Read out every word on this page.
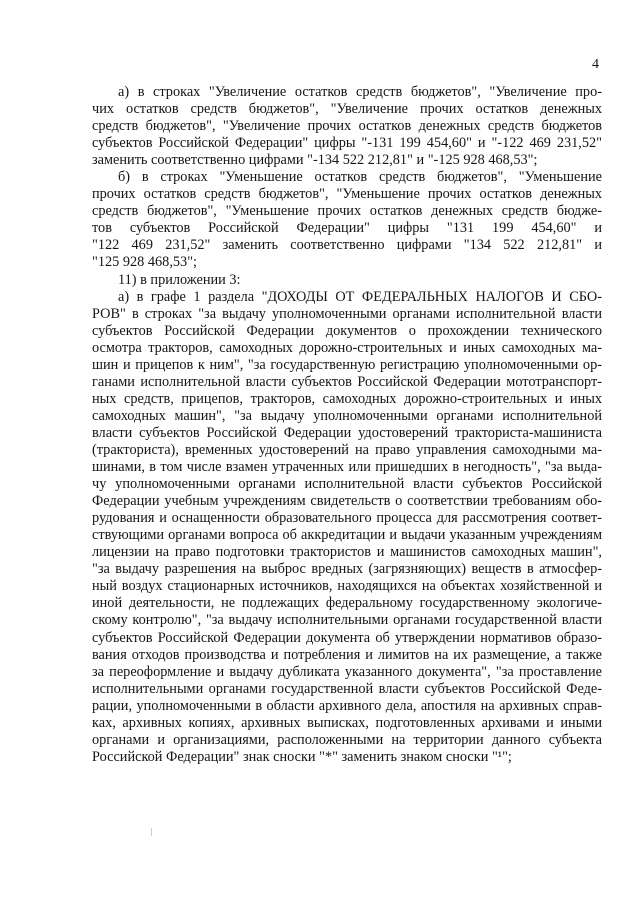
4
а) в строках "Увеличение остатков средств бюджетов", "Увеличение про-
чих остатков средств бюджетов", "Увеличение прочих остатков денежных
средств бюджетов", "Увеличение прочих остатков денежных средств бюджетов
субъектов Российской Федерации" цифры "-131 199 454,60" и "-122 469 231,52"
заменить соответственно цифрами "-134 522 212,81" и "-125 928 468,53";
б) в строках "Уменьшение остатков средств бюджетов", "Уменьшение
прочих остатков средств бюджетов", "Уменьшение прочих остатков денежных
средств бюджетов", "Уменьшение прочих остатков денежных средств бюдже-
тов субъектов Российской Федерации" цифры "131 199 454,60" и
"122 469 231,52" заменить соответственно цифрами "134 522 212,81" и
"125 928 468,53";
11) в приложении 3:
а) в графе 1 раздела "ДОХОДЫ ОТ ФЕДЕРАЛЬНЫХ НАЛОГОВ И СБО-
РОВ" в строках "за выдачу уполномоченными органами исполнительной власти
субъектов Российской Федерации документов о прохождении технического
осмотра тракторов, самоходных дорожно-строительных и иных самоходных ма-
шин и прицепов к ним", "за государственную регистрацию уполномоченными ор-
ганами исполнительной власти субъектов Российской Федерации мототранспорт-
ных средств, прицепов, тракторов, самоходных дорожно-строительных и иных
самоходных машин", "за выдачу уполномоченными органами исполнительной
власти субъектов Российской Федерации удостоверений тракториста-машиниста
(тракториста), временных удостоверений на право управления самоходными ма-
шинами, в том числе взамен утраченных или пришедших в негодность", "за выда-
чу уполномоченными органами исполнительной власти субъектов Российской
Федерации учебным учреждениям свидетельств о соответствии требованиям обо-
рудования и оснащенности образовательного процесса для рассмотрения соответ-
ствующими органами вопроса об аккредитации и выдачи указанным учреждениям
лицензии на право подготовки трактористов и машинистов самоходных машин",
"за выдачу разрешения на выброс вредных (загрязняющих) веществ в атмосфер-
ный воздух стационарных источников, находящихся на объектах хозяйственной и
иной деятельности, не подлежащих федеральному государственному экологиче-
скому контролю", "за выдачу исполнительными органами государственной власти
субъектов Российской Федерации документа об утверждении нормативов образо-
вания отходов производства и потребления и лимитов на их размещение, а также
за переоформление и выдачу дубликата указанного документа", "за проставление
исполнительными органами государственной власти субъектов Российской Феде-
рации, уполномоченными в области архивного дела, апостиля на архивных справ-
ках, архивных копиях, архивных выписках, подготовленных архивами и иными
органами и организациями, расположенными на территории данного субъекта
Российской Федерации" знак сноски "*" заменить знаком сноски "¹";
